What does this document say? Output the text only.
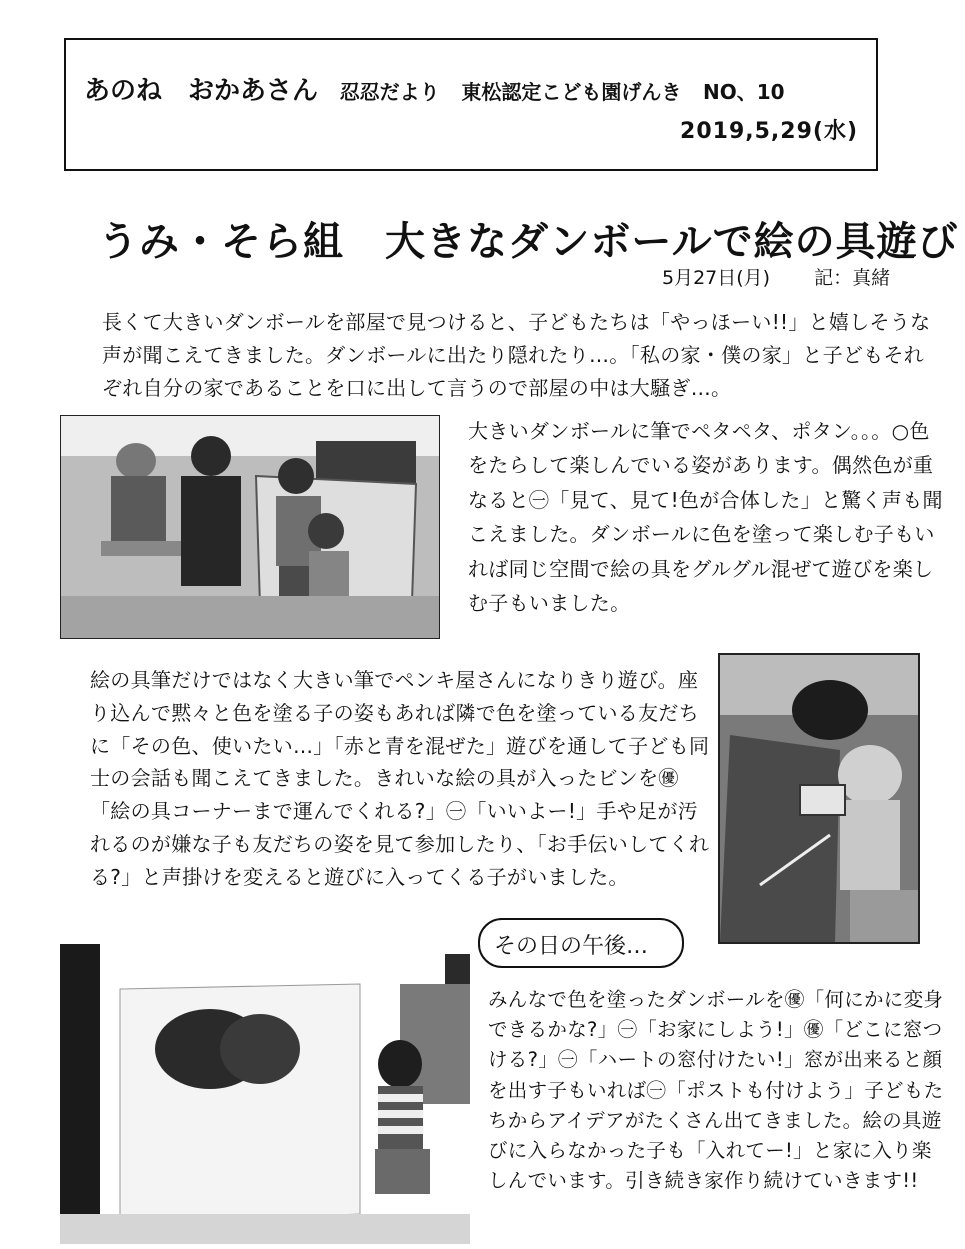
あのね　おかあさん 忍忍だより 東松認定こども園げんき NO、10
2019,5,29(水)
うみ・そら組　大きなダンボールで絵の具遊び
5月27日(月) 記：真緒
長くて大きいダンボールを部屋で見つけると、子どもたちは「やっほーい!!」と嬉しそうな声が聞こえてきました。ダンボールに出たり隠れたり…。「私の家・僕の家」と子どもそれぞれ自分の家であることを口に出して言うので部屋の中は大騒ぎ…。
大きいダンボールに筆でペタペタ、ポタン。。。○色をたらして楽しんでいる姿があります。偶然色が重なると㊀「見て、見て!色が合体した」と驚く声も聞こえました。ダンボールに色を塗って楽しむ子もいれば同じ空間で絵の具をグルグル混ぜて遊びを楽しむ子もいました。
絵の具筆だけではなく大きい筆でペンキ屋さんになりきり遊び。座り込んで黙々と色を塗る子の姿もあれば隣で色を塗っている友だちに「その色、使いたい…」「赤と青を混ぜた」遊びを通して子ども同士の会話も聞こえてきました。きれいな絵の具が入ったビンを㊝「絵の具コーナーまで運んでくれる?」㊀「いいよー!」手や足が汚れるのが嫌な子も友だちの姿を見て参加したり、「お手伝いしてくれる?」と声掛けを変えると遊びに入ってくる子がいました。
その日の午後…
みんなで色を塗ったダンボールを㊝「何にかに変身できるかな?」㊀「お家にしよう!」㊝「どこに窓つける?」㊀「ハートの窓付けたい!」窓が出来ると顔を出す子もいれば㊀「ポストも付けよう」子どもたちからアイデアがたくさん出てきました。絵の具遊びに入らなかった子も「入れてー!」と家に入り楽しんでいます。引き続き家作り続けていきます!!
